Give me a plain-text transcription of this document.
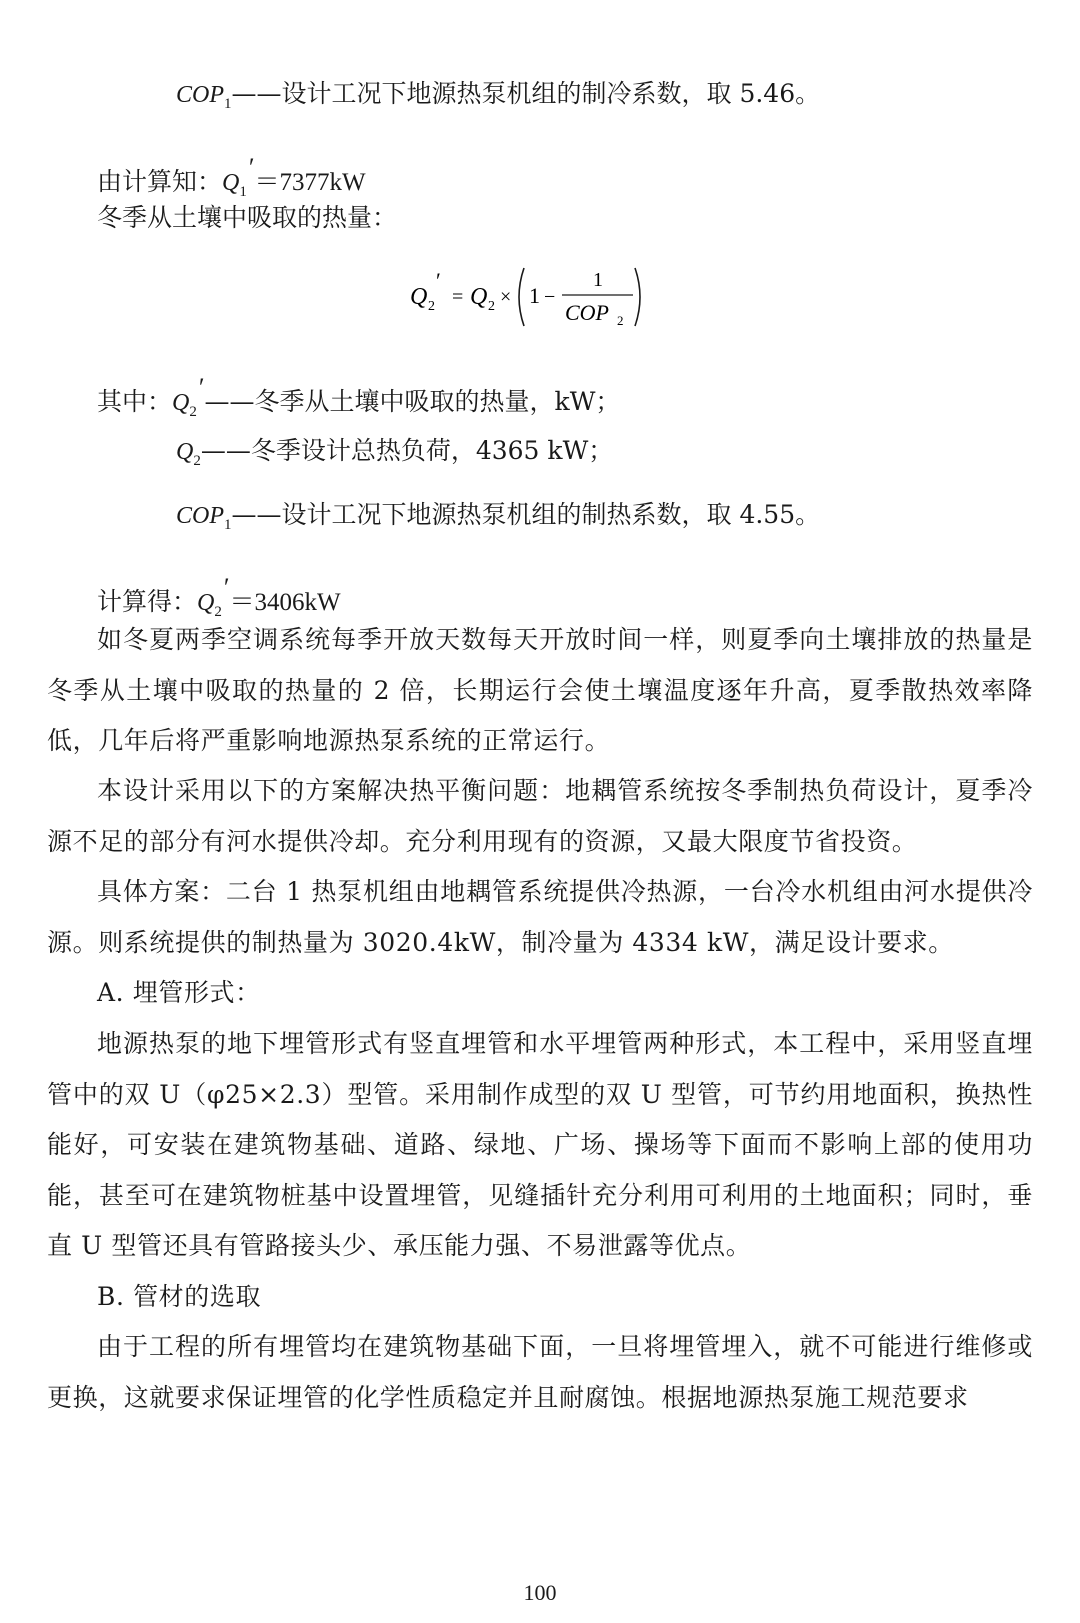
$COP_1——$设计工况下地源热泵机组的制冷系数，取 5.46。
由计算知：$Q_1'=7377kW$
冬季从土壤中吸取的热量：
Q 2
′
= Q 2 × 1 −
1
COP 2
其中：$Q_2'——$冬季从土壤中吸取的热量，kW；
$Q_2——$冬季设计总热负荷，4365 kW；
$COP_1——$设计工况下地源热泵机组的制热系数，取 4.55。
计算得：$Q_2'=3406kW$
如冬夏两季空调系统每季开放天数每天开放时间一样，则夏季向土壤排放的热量是冬季从土壤中吸取的热量的 2 倍，长期运行会使土壤温度逐年升高，夏季散热效率降低，几年后将严重影响地源热泵系统的正常运行。
本设计采用以下的方案解决热平衡问题：地耦管系统按冬季制热负荷设计，夏季冷源不足的部分有河水提供冷却。充分利用现有的资源，又最大限度节省投资。
具体方案：二台 1 热泵机组由地耦管系统提供冷热源，一台冷水机组由河水提供冷源。则系统提供的制热量为 3020.4kW，制冷量为 4334 kW，满足设计要求。
A. 埋管形式：
地源热泵的地下埋管形式有竖直埋管和水平埋管两种形式，本工程中，采用竖直埋管中的双 U（φ25×2.3）型管。采用制作成型的双 U 型管，可节约用地面积，换热性能好，可安装在建筑物基础、道路、绿地、广场、操场等下面而不影响上部的使用功能，甚至可在建筑物桩基中设置埋管，见缝插针充分利用可利用的土地面积；同时，垂直 U 型管还具有管路接头少、承压能力强、不易泄露等优点。
B. 管材的选取
由于工程的所有埋管均在建筑物基础下面，一旦将埋管埋入，就不可能进行维修或更换，这就要求保证埋管的化学性质稳定并且耐腐蚀。根据地源热泵施工规范要求
100
